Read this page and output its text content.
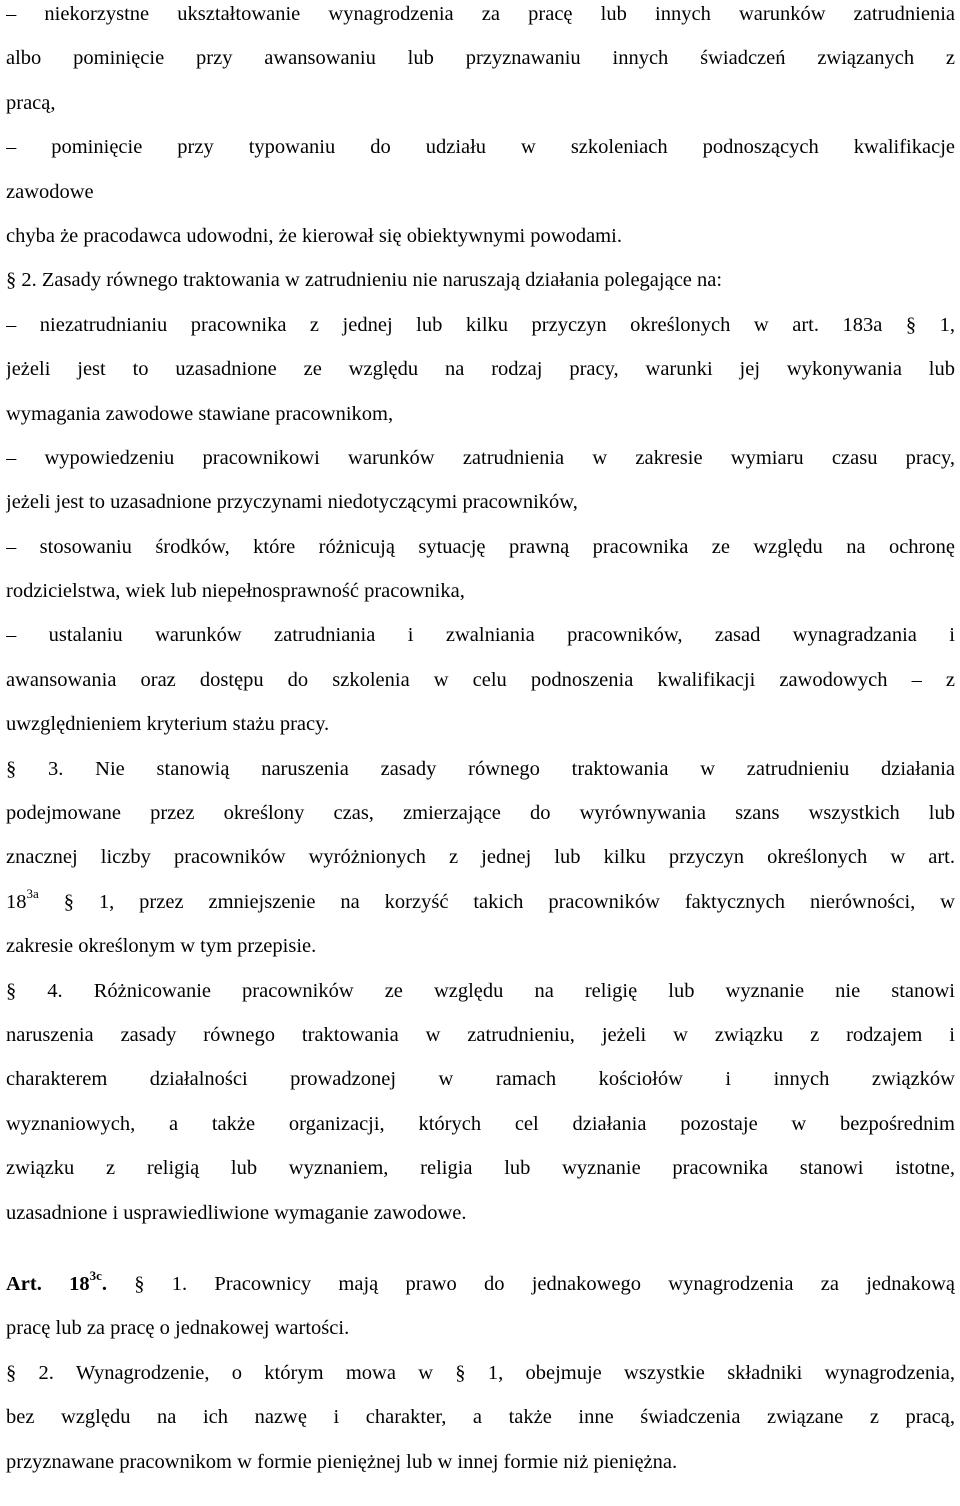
– niekorzystne ukształtowanie wynagrodzenia za pracę lub innych warunków zatrudnienia
albo pominięcie przy awansowaniu lub przyznawaniu innych świadczeń związanych z
pracą,
– pominięcie przy typowaniu do udziału w szkoleniach podnoszących kwalifikacje
zawodowe
chyba że pracodawca udowodni, że kierował się obiektywnymi powodami.
§ 2. Zasady równego traktowania w zatrudnieniu nie naruszają działania polegające na:
– niezatrudnianiu pracownika z jednej lub kilku przyczyn określonych w art. 183a § 1,
jeżeli jest to uzasadnione ze względu na rodzaj pracy, warunki jej wykonywania lub
wymagania zawodowe stawiane pracownikom,
– wypowiedzeniu pracownikowi warunków zatrudnienia w zakresie wymiaru czasu pracy,
jeżeli jest to uzasadnione przyczynami niedotyczącymi pracowników,
– stosowaniu środków, które różnicują sytuację prawną pracownika ze względu na ochronę
rodzicielstwa, wiek lub niepełnosprawność pracownika,
– ustalaniu warunków zatrudniania i zwalniania pracowników, zasad wynagradzania i
awansowania oraz dostępu do szkolenia w celu podnoszenia kwalifikacji zawodowych – z
uwzględnieniem kryterium stażu pracy.
§ 3. Nie stanowią naruszenia zasady równego traktowania w zatrudnieniu działania
podejmowane przez określony czas, zmierzające do wyrównywania szans wszystkich lub
znacznej liczby pracowników wyróżnionych z jednej lub kilku przyczyn określonych w art.
$18^{3a}$ § 1, przez zmniejszenie na korzyść takich pracowników faktycznych nierówności, w
zakresie określonym w tym przepisie.
§ 4. Różnicowanie pracowników ze względu na religię lub wyznanie nie stanowi
naruszenia zasady równego traktowania w zatrudnieniu, jeżeli w związku z rodzajem i
charakterem działalności prowadzonej w ramach kościołów i innych związków
wyznaniowych, a także organizacji, których cel działania pozostaje w bezpośrednim
związku z religią lub wyznaniem, religia lub wyznanie pracownika stanowi istotne,
uzasadnione i usprawiedliwione wymaganie zawodowe.
Art. $18^{3c}$. § 1. Pracownicy mają prawo do jednakowego wynagrodzenia za jednakową
pracę lub za pracę o jednakowej wartości.
§ 2. Wynagrodzenie, o którym mowa w § 1, obejmuje wszystkie składniki wynagrodzenia,
bez względu na ich nazwę i charakter, a także inne świadczenia związane z pracą,
przyznawane pracownikom w formie pieniężnej lub w innej formie niż pieniężna.
